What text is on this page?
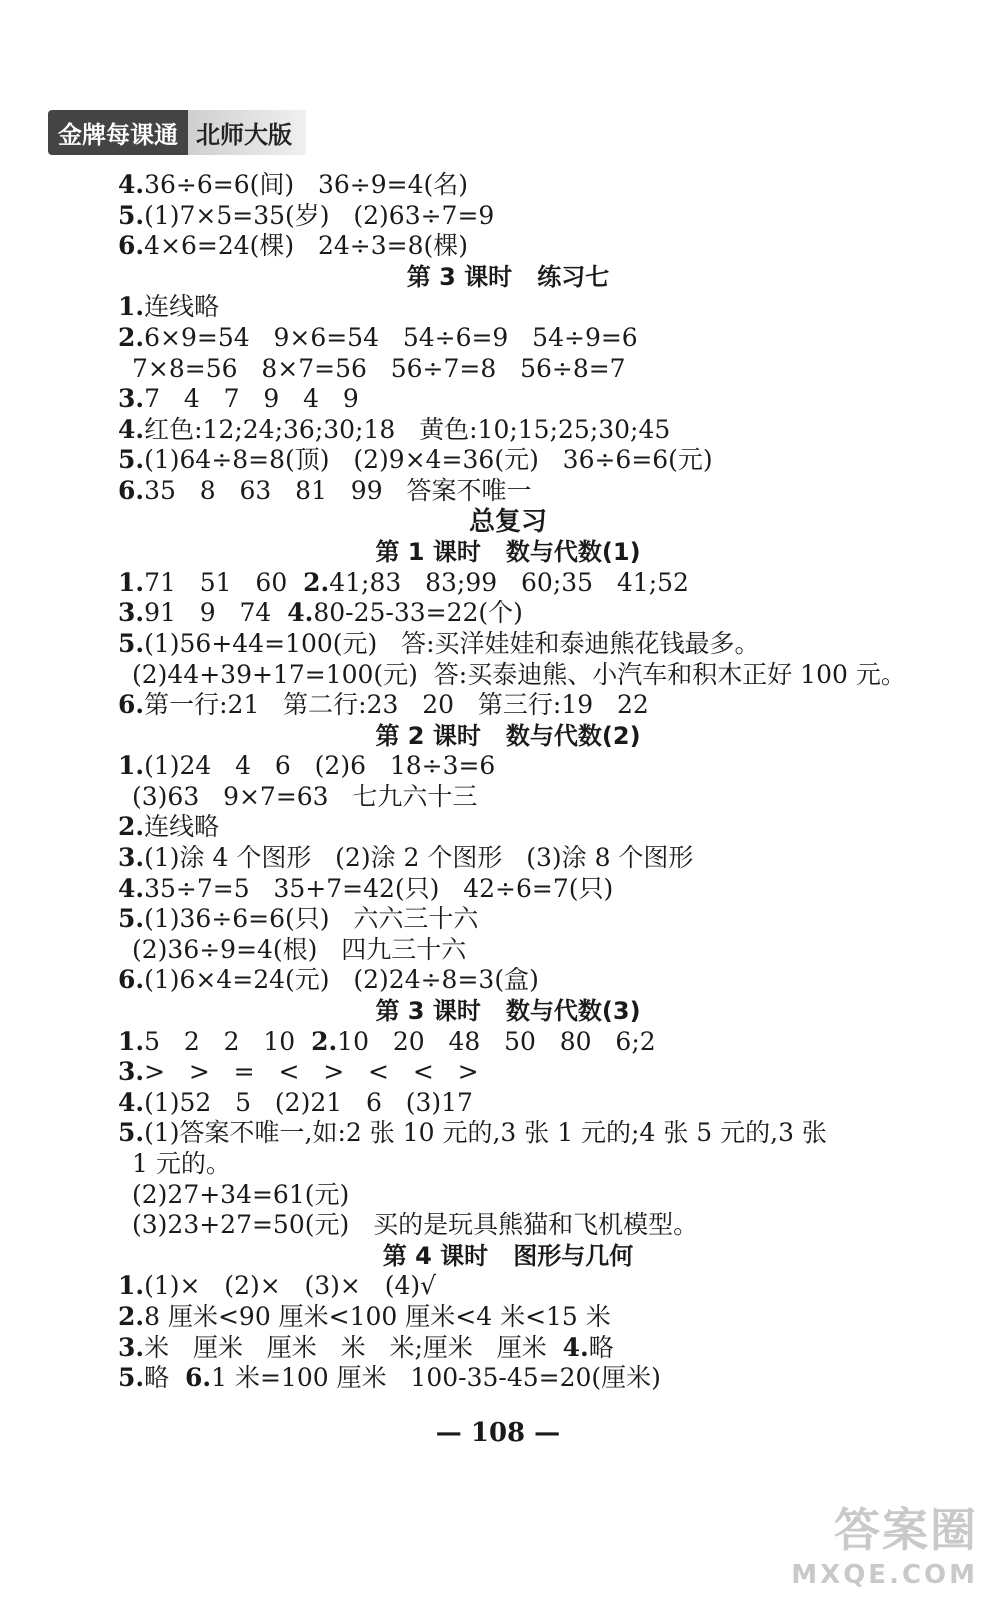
金牌每课通 北师大版
4.36÷6=6(间)   36÷9=4(名)
5.(1)7×5=35(岁)   (2)63÷7=9
6.4×6=24(棵)   24÷3=8(棵)
第 3 课时   练习七
1.连线略
2.6×9=54   9×6=54   54÷6=9   54÷9=6
7×8=56   8×7=56   56÷7=8   56÷8=7
3.7   4   7   9   4   9
4.红色:12;24;36;30;18   黄色:10;15;25;30;45
5.(1)64÷8=8(顶)   (2)9×4=36(元)   36÷6=6(元)
6.35   8   63   81   99   答案不唯一
总复习
第 1 课时   数与代数(1)
1.71   51   60  2.41;83   83;99   60;35   41;52
3.91   9   74  4.80-25-33=22(个)
5.(1)56+44=100(元)   答:买洋娃娃和泰迪熊花钱最多。
(2)44+39+17=100(元)  答:买泰迪熊、小汽车和积木正好 100 元。
6.第一行:21   第二行:23   20   第三行:19   22
第 2 课时   数与代数(2)
1.(1)24   4   6   (2)6   18÷3=6
(3)63   9×7=63   七九六十三
2.连线略
3.(1)涂 4 个图形   (2)涂 2 个图形   (3)涂 8 个图形
4.35÷7=5   35+7=42(只)   42÷6=7(只)
5.(1)36÷6=6(只)   六六三十六
(2)36÷9=4(根)   四九三十六
6.(1)6×4=24(元)   (2)24÷8=3(盒)
第 3 课时   数与代数(3)
1.5   2   2   10  2.10   20   48   50   80   6;2
3.>   >   =   <   >   <   <   >
4.(1)52   5   (2)21   6   (3)17
5.(1)答案不唯一,如:2 张 10 元的,3 张 1 元的;4 张 5 元的,3 张
1 元的。
(2)27+34=61(元)
(3)23+27=50(元)   买的是玩具熊猫和飞机模型。
第 4 课时   图形与几何
1.(1)×   (2)×   (3)×   (4)√
2.8 厘米<90 厘米<100 厘米<4 米<15 米
3.米   厘米   厘米   米   米;厘米   厘米  4.略
5.略  6.1 米=100 厘米   100-35-45=20(厘米)
— 108 —
答案圈
MXQE.COM
